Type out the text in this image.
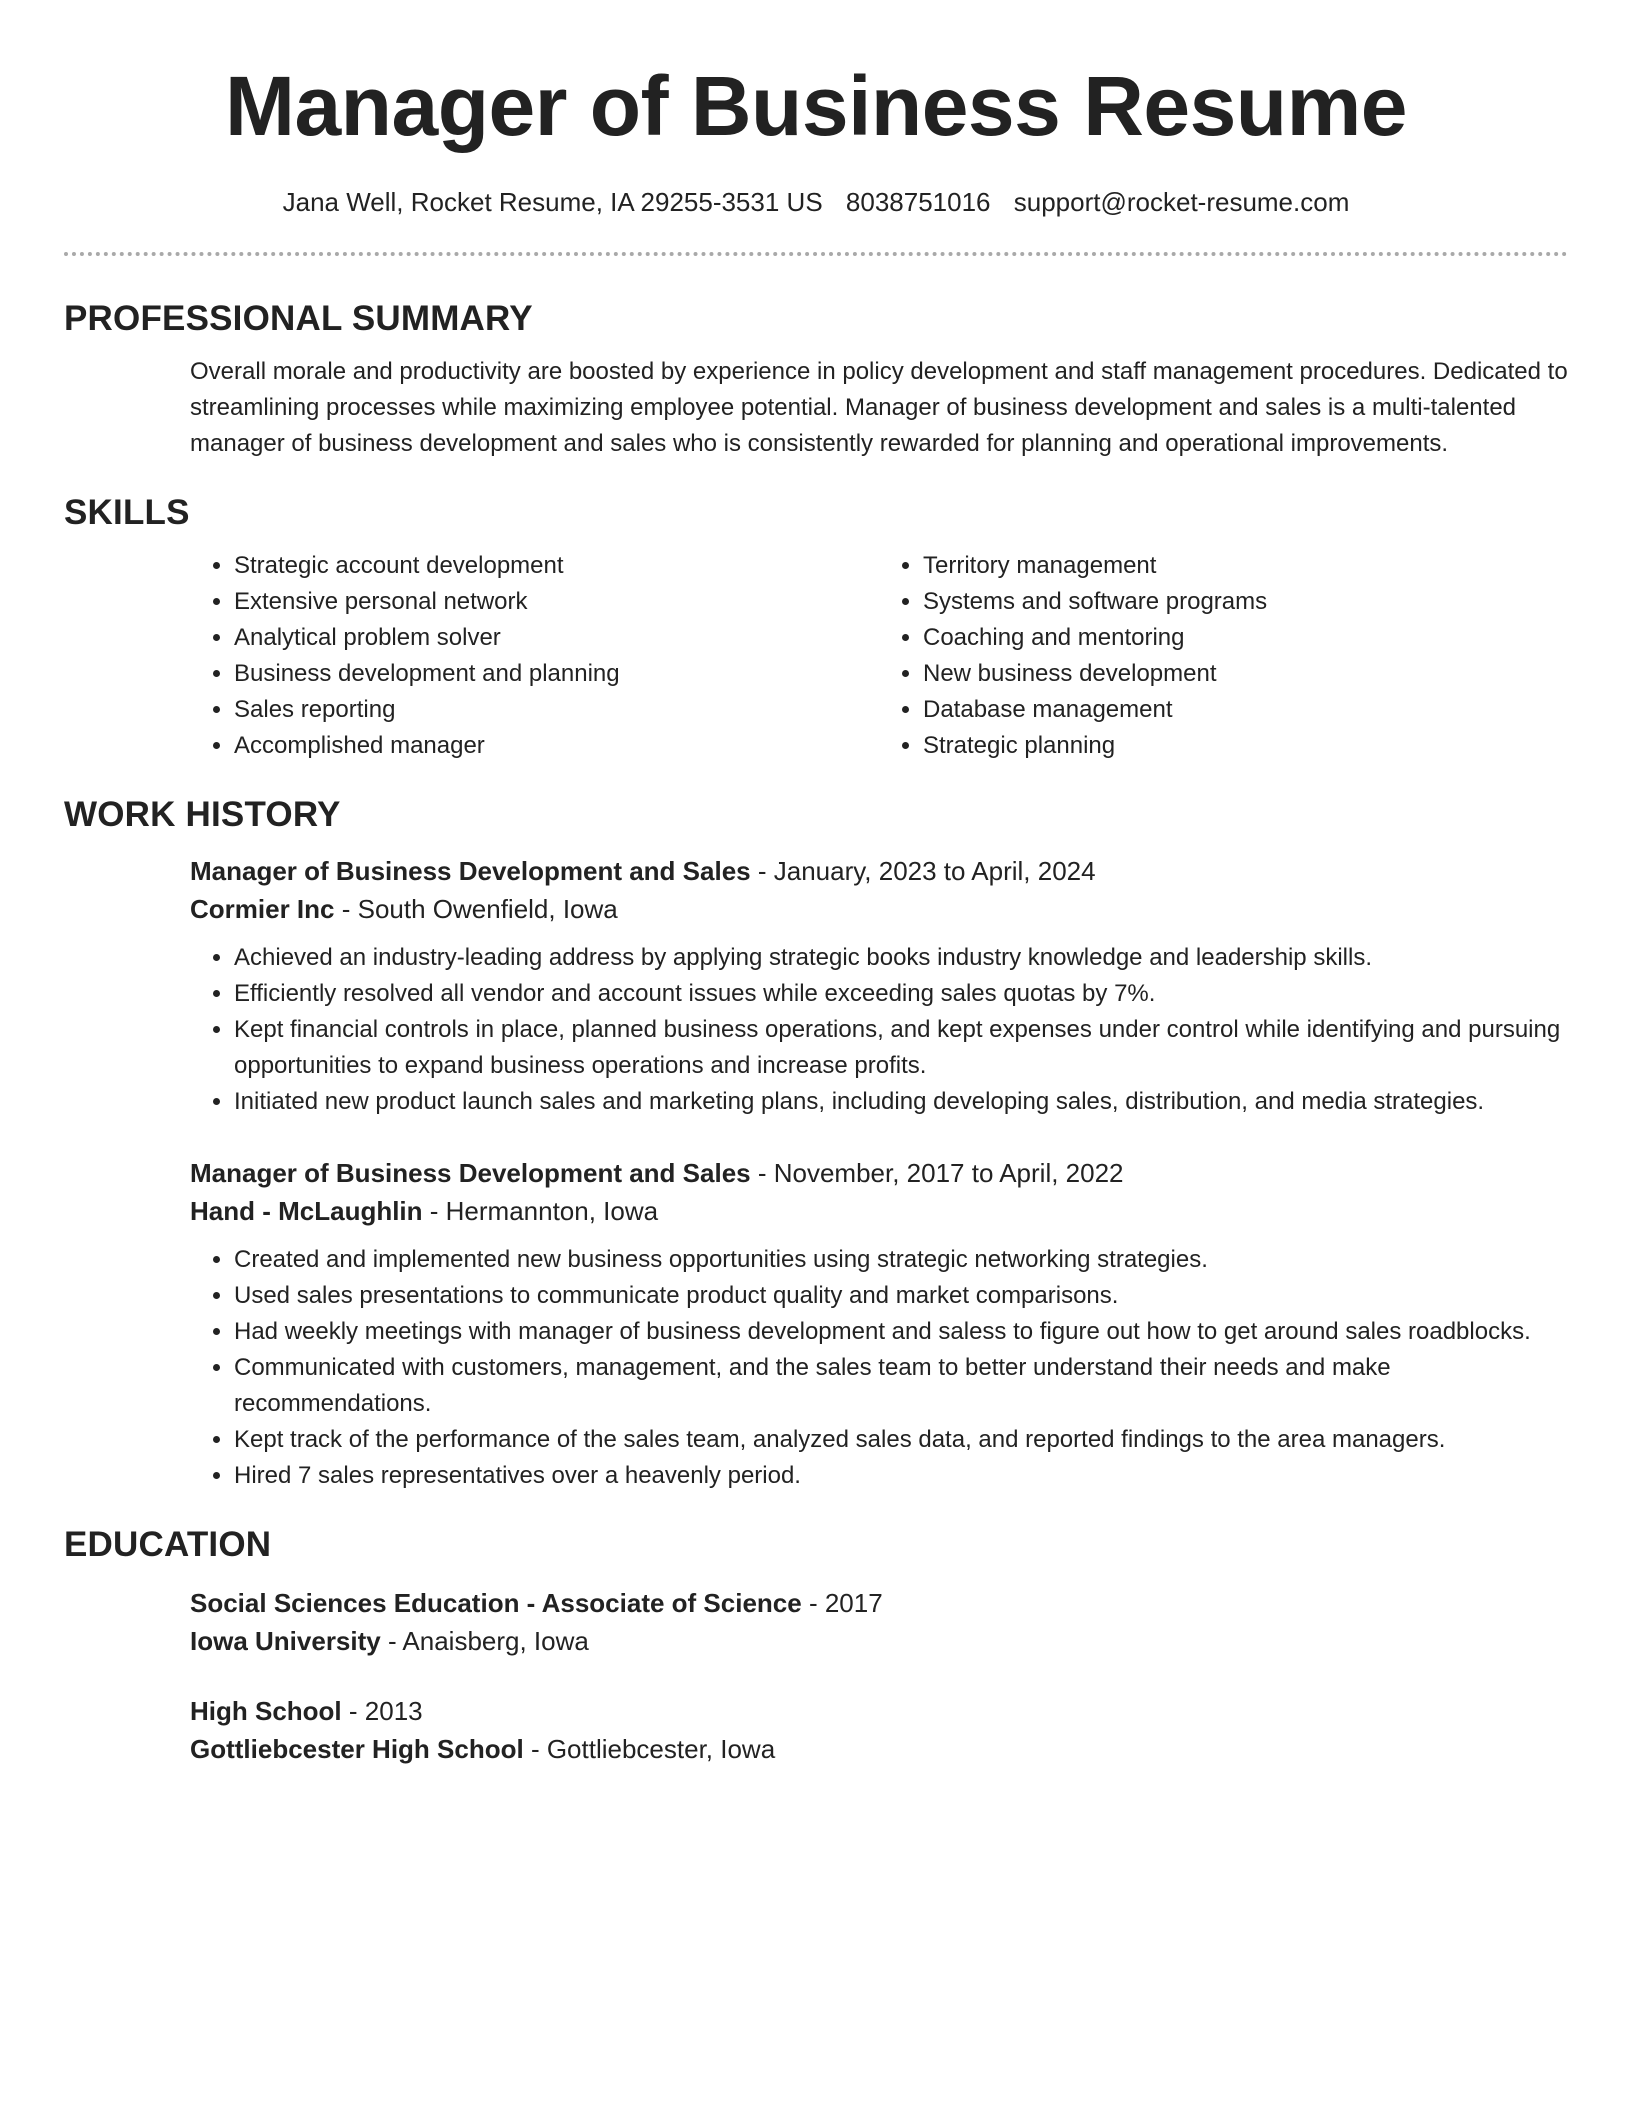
Manager of Business Resume
Jana Well, Rocket Resume, IA 29255-3531 US 8038751016 support@rocket-resume.com
PROFESSIONAL SUMMARY

Overall morale and productivity are boosted by experience in policy development and staff management procedures. Dedicated to streamlining processes while maximizing employee potential. Manager of business development and sales is a multi-talented manager of business development and sales who is consistently rewarded for planning and operational improvements.

SKILLS
• Strategic account development
• Extensive personal network
• Analytical problem solver
• Business development and planning
• Sales reporting
• Accomplished manager
• Territory management
• Systems and software programs
• Coaching and mentoring
• New business development
• Database management
• Strategic planning
WORK HISTORY
Manager of Business Development and Sales - January, 2023 to April, 2024
Cormier Inc - South Owenfield, Iowa
• Achieved an industry-leading address by applying strategic books industry knowledge and leadership skills.
• Efficiently resolved all vendor and account issues while exceeding sales quotas by 7%.
• Kept financial controls in place, planned business operations, and kept expenses under control while identifying and pursuing opportunities to expand business operations and increase profits.
• Initiated new product launch sales and marketing plans, including developing sales, distribution, and media strategies.
Manager of Business Development and Sales - November, 2017 to April, 2022
Hand - McLaughlin - Hermannton, Iowa
• Created and implemented new business opportunities using strategic networking strategies.
• Used sales presentations to communicate product quality and market comparisons.
• Had weekly meetings with manager of business development and saless to figure out how to get around sales roadblocks.
• Communicated with customers, management, and the sales team to better understand their needs and make recommendations.
• Kept track of the performance of the sales team, analyzed sales data, and reported findings to the area managers.
• Hired 7 sales representatives over a heavenly period.
EDUCATION
Social Sciences Education - Associate of Science - 2017
Iowa University - Anaisberg, Iowa
High School - 2013
Gottliebcester High School - Gottliebcester, Iowa
